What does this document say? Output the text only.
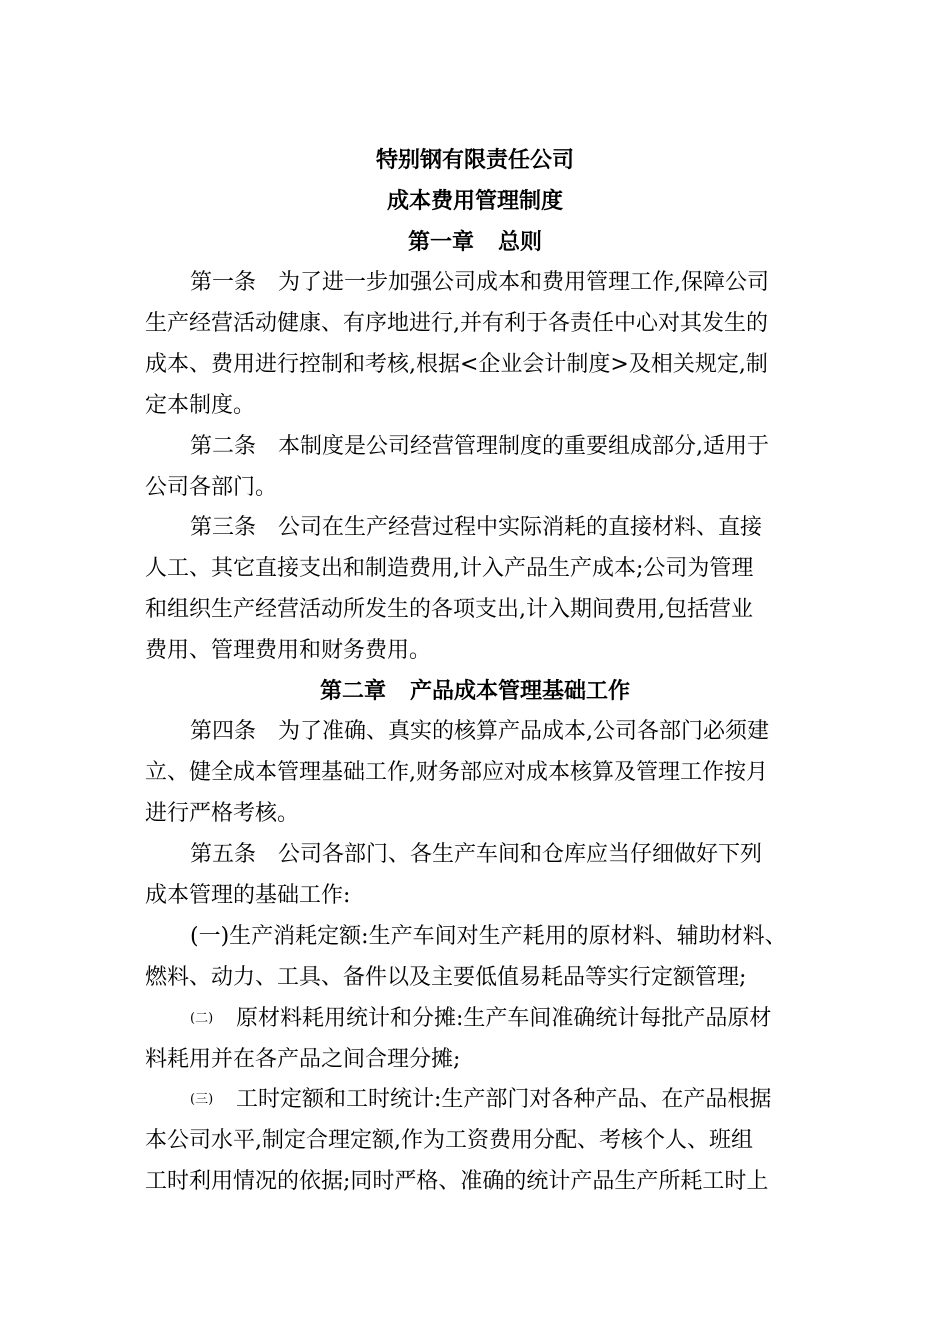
特别钢有限责任公司
成本费用管理制度
第一章 总则
第一条 为了进一步加强公司成本和费用管理工作,保障公司
生产经营活动健康、有序地进行,并有利于各责任中心对其发生的
成本、费用进行控制和考核,根据<企业会计制度>及相关规定,制
定本制度。
第二条 本制度是公司经营管理制度的重要组成部分,适用于
公司各部门。
第三条 公司在生产经营过程中实际消耗的直接材料、直接
人工、其它直接支出和制造费用,计入产品生产成本;公司为管理
和组织生产经营活动所发生的各项支出,计入期间费用,包括营业
费用、管理费用和财务费用。
第二章 产品成本管理基础工作
第四条 为了准确、真实的核算产品成本,公司各部门必须建
立、健全成本管理基础工作,财务部应对成本核算及管理工作按月
进行严格考核。
第五条 公司各部门、各生产车间和仓库应当仔细做好下列
成本管理的基础工作:
(一)生产消耗定额:生产车间对生产耗用的原材料、辅助材料、
燃料、动力、工具、备件以及主要低值易耗品等实行定额管理;
(二) 原材料耗用统计和分摊:生产车间准确统计每批产品原材
料耗用并在各产品之间合理分摊;
(三) 工时定额和工时统计:生产部门对各种产品、在产品根据
本公司水平,制定合理定额,作为工资费用分配、考核个人、班组
工时利用情况的依据;同时严格、准确的统计产品生产所耗工时上
